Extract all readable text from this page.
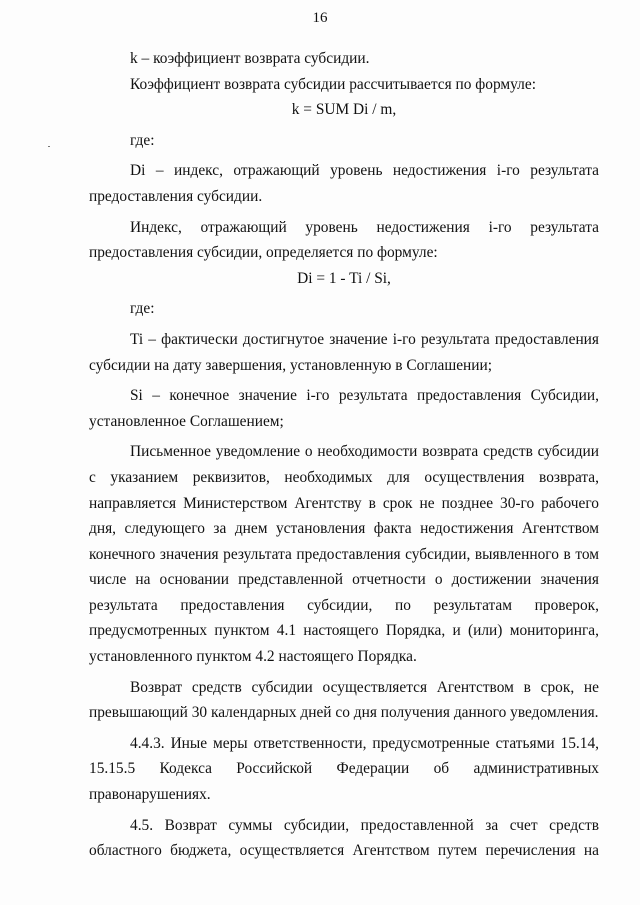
16
k – коэффициент возврата субсидии.
Коэффициент возврата субсидии рассчитывается по формуле:
k = SUM Di / m,
где:
Di – индекс, отражающий уровень недостижения i-го результата
предоставления субсидии.
Индекс, отражающий уровень недостижения i-го результата
предоставления субсидии, определяется по формуле:
Di = 1 - Ti / Si,
где:
Ti – фактически достигнутое значение i-го результата предоставления
субсидии на дату завершения, установленную в Соглашении;
Si – конечное значение i-го результата предоставления Субсидии,
установленное Соглашением;
Письменное уведомление о необходимости возврата средств субсидии
с указанием реквизитов, необходимых для осуществления возврата,
направляется Министерством Агентству в срок не позднее 30-го рабочего
дня, следующего за днем установления факта недостижения Агентством
конечного значения результата предоставления субсидии, выявленного в том
числе на основании представленной отчетности о достижении значения
результата предоставления субсидии, по результатам проверок,
предусмотренных пунктом 4.1 настоящего Порядка, и (или) мониторинга,
установленного пунктом 4.2 настоящего Порядка.
Возврат средств субсидии осуществляется Агентством в срок, не
превышающий 30 календарных дней со дня получения данного уведомления.
4.4.3. Иные меры ответственности, предусмотренные статьями 15.14,
15.15.5 Кодекса Российской Федерации об административных
правонарушениях.
4.5. Возврат суммы субсидии, предоставленной за счет средств
областного бюджета, осуществляется Агентством путем перечисления на
